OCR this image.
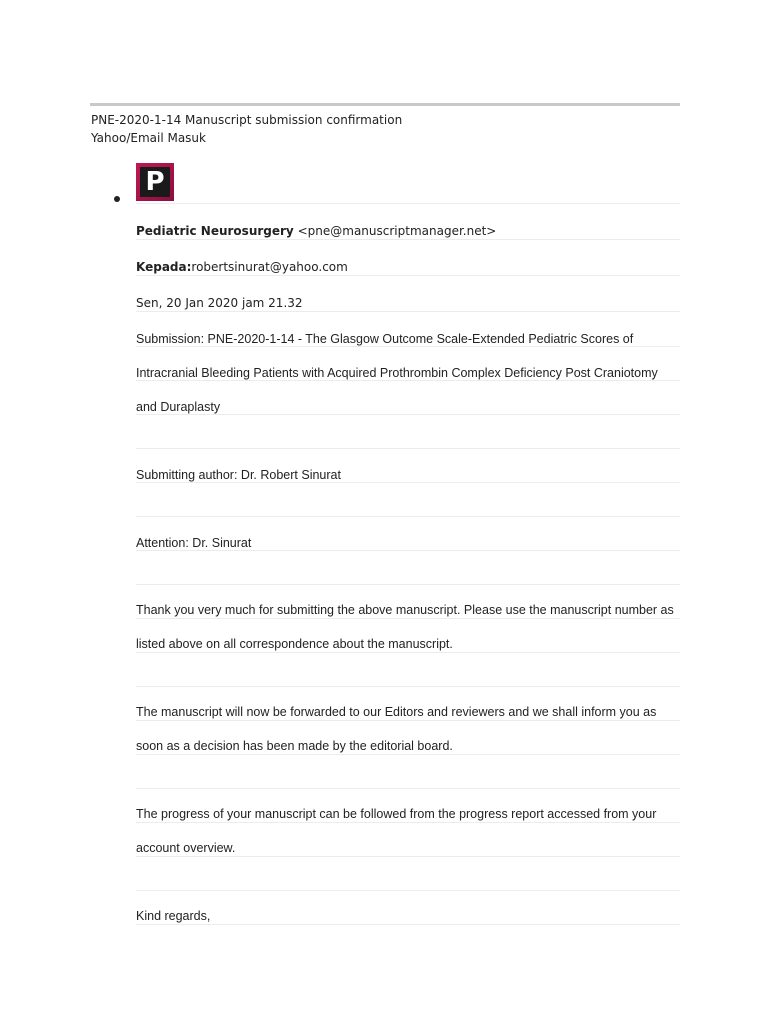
PNE-2020-1-14 Manuscript submission confirmation
Yahoo/Email Masuk
P
Pediatric Neurosurgery <pne@manuscriptmanager.net>
Kepada:robertsinurat@yahoo.com
Sen, 20 Jan 2020 jam 21.32
Submission: PNE-2020-1-14 - The Glasgow Outcome Scale-Extended Pediatric Scores of
Intracranial Bleeding Patients with Acquired Prothrombin Complex Deficiency Post Craniotomy
and Duraplasty
Submitting author: Dr. Robert Sinurat
Attention: Dr. Sinurat
Thank you very much for submitting the above manuscript. Please use the manuscript number as
listed above on all correspondence about the manuscript.
The manuscript will now be forwarded to our Editors and reviewers and we shall inform you as
soon as a decision has been made by the editorial board.
The progress of your manuscript can be followed from the progress report accessed from your
account overview.
Kind regards,
